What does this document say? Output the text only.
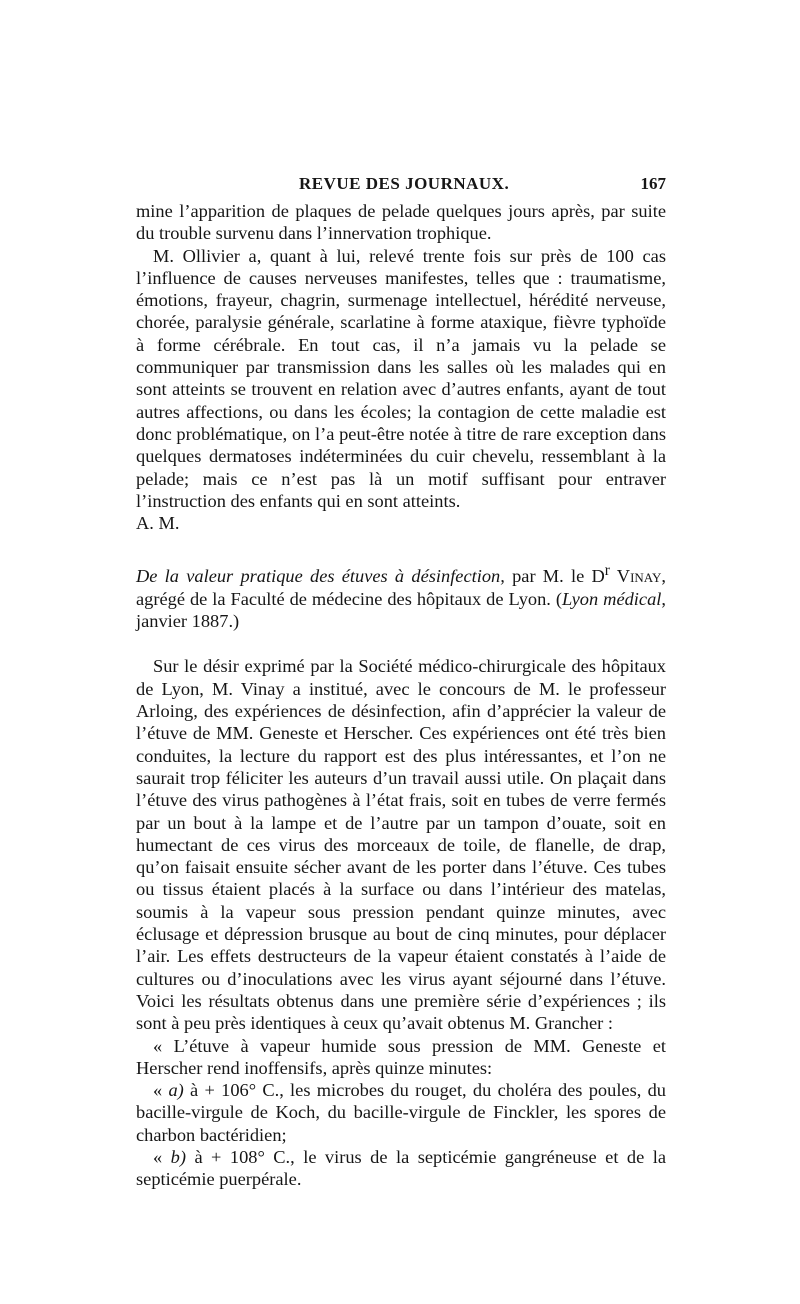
REVUE DES JOURNAUX.	167

mine l’apparition de plaques de pelade quelques jours après, par suite du trouble survenu dans l’innervation trophique.

M. Ollivier a, quant à lui, relevé trente fois sur près de 100 cas l’influence de causes nerveuses manifestes, telles que : traumatisme, émotions, frayeur, chagrin, surmenage intellectuel, hérédité nerveuse, chorée, paralysie générale, scarlatine à forme ataxique, fièvre typhoïde à forme cérébrale. En tout cas, il n’a jamais vu la pelade se communiquer par transmission dans les salles où les malades qui en sont atteints se trouvent en relation avec d’autres enfants, ayant de tout autres affections, ou dans les écoles; la contagion de cette maladie est donc problématique, on l’a peut-être notée à titre de rare exception dans quelques dermatoses indéterminées du cuir chevelu, ressemblant à la pelade; mais ce n’est pas là un motif suffisant pour entraver l’instruction des enfants qui en sont atteints.

A. M.

De la valeur pratique des étuves à désinfection, par M. le $D^r$ Vinay, agrégé de la Faculté de médecine des hôpitaux de Lyon. (Lyon médical, janvier 1887.)

Sur le désir exprimé par la Société médico-chirurgicale des hôpitaux de Lyon, M. Vinay a institué, avec le concours de M. le professeur Arloing, des expériences de désinfection, afin d’apprécier la valeur de l’étuve de MM. Geneste et Herscher. Ces expériences ont été très bien conduites, la lecture du rapport est des plus intéressantes, et l’on ne saurait trop féliciter les auteurs d’un travail aussi utile. On plaçait dans l’étuve des virus pathogènes à l’état frais, soit en tubes de verre fermés par un bout à la lampe et de l’autre par un tampon d’ouate, soit en humectant de ces virus des morceaux de toile, de flanelle, de drap, qu’on faisait ensuite sécher avant de les porter dans l’étuve. Ces tubes ou tissus étaient placés à la surface ou dans l’intérieur des matelas, soumis à la vapeur sous pression pendant quinze minutes, avec éclusage et dépression brusque au bout de cinq minutes, pour déplacer l’air. Les effets destructeurs de la vapeur étaient constatés à l’aide de cultures ou d’inoculations avec les virus ayant séjourné dans l’étuve. Voici les résultats obtenus dans une première série d’expériences ; ils sont à peu près identiques à ceux qu’avait obtenus M. Grancher :

« L’étuve à vapeur humide sous pression de MM. Geneste et Herscher rend inoffensifs, après quinze minutes:

« a) à + 106° C., les microbes du rouget, du choléra des poules, du bacille-virgule de Koch, du bacille-virgule de Finckler, les spores de charbon bactéridien;

« b) à + 108° C., le virus de la septicémie gangréneuse et de la septicémie puerpérale.
